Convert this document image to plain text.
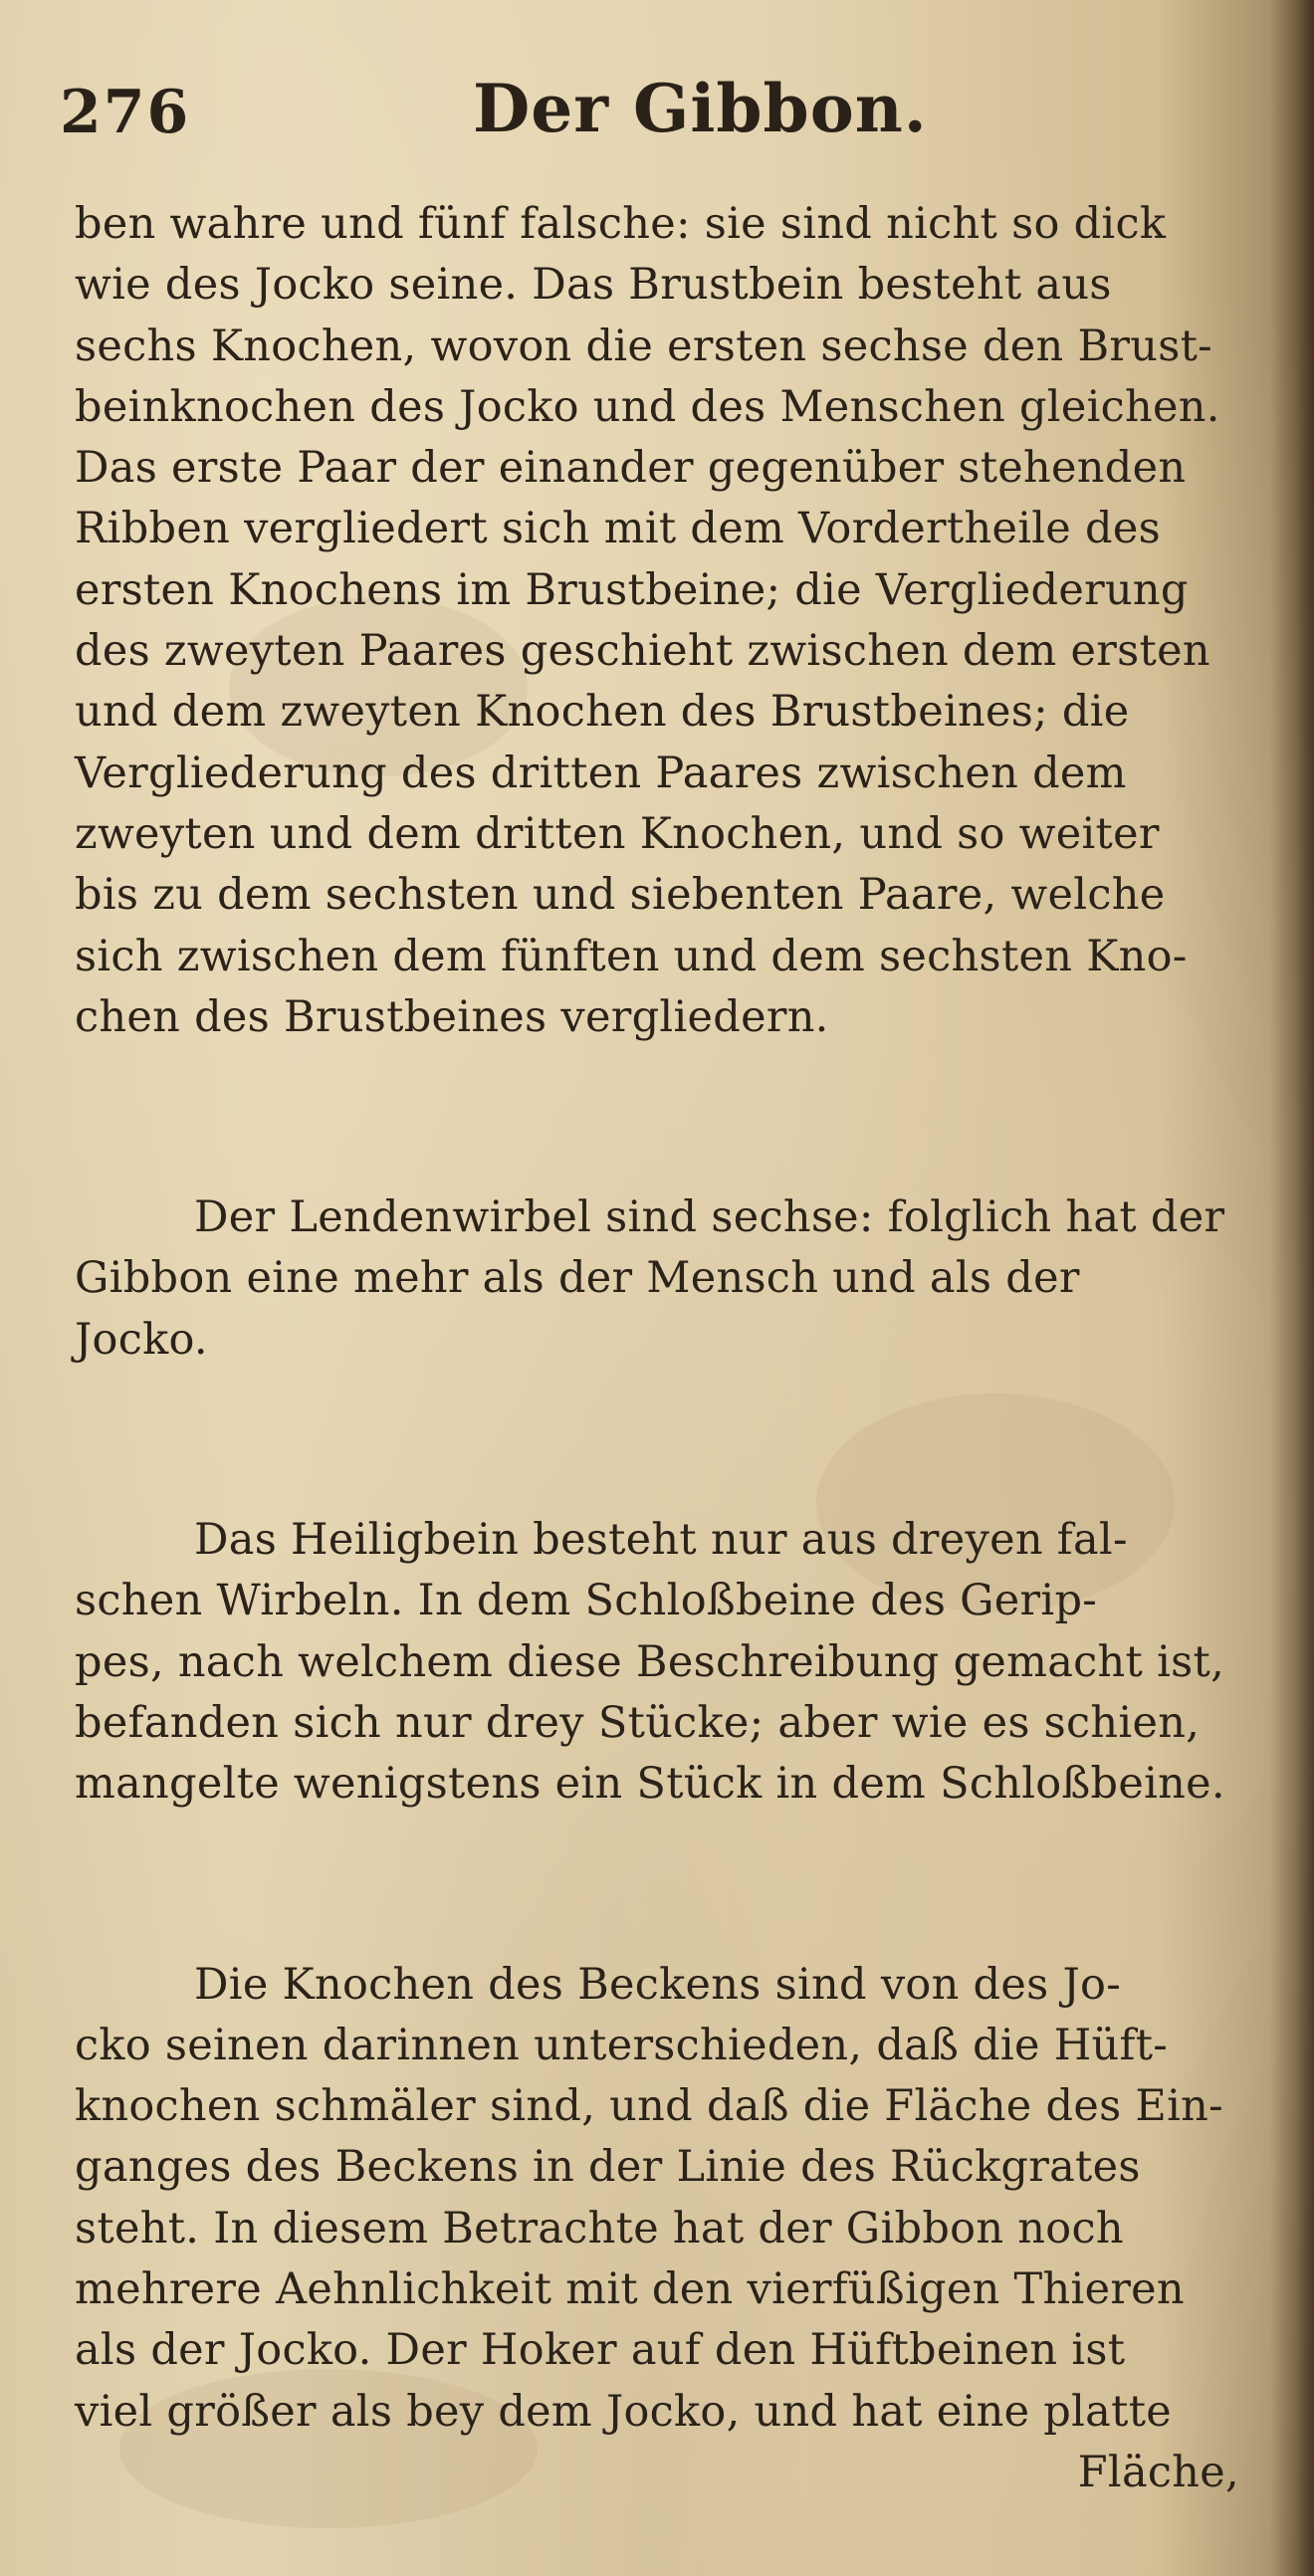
276	Der Gibbon.
ben wahre und fünf falsche: sie sind nicht so dick
wie des Jocko seine. Das Brustbein besteht aus
sechs Knochen, wovon die ersten sechse den Brust-
beinknochen des Jocko und des Menschen gleichen.
Das erste Paar der einander gegenüber stehenden
Ribben vergliedert sich mit dem Vordertheile des
ersten Knochens im Brustbeine; die Vergliederung
des zweyten Paares geschieht zwischen dem ersten
und dem zweyten Knochen des Brustbeines; die
Vergliederung des dritten Paares zwischen dem
zweyten und dem dritten Knochen, und so weiter
bis zu dem sechsten und siebenten Paare, welche
sich zwischen dem fünften und dem sechsten Kno-
chen des Brustbeines vergliedern.
Der Lendenwirbel sind sechse: folglich hat der
Gibbon eine mehr als der Mensch und als der
Jocko.
Das Heiligbein besteht nur aus dreyen fal-
schen Wirbeln. In dem Schloßbeine des Gerip-
pes, nach welchem diese Beschreibung gemacht ist,
befanden sich nur drey Stücke; aber wie es schien,
mangelte wenigstens ein Stück in dem Schloßbeine.
Die Knochen des Beckens sind von des Jo-
cko seinen darinnen unterschieden, daß die Hüft-
knochen schmäler sind, und daß die Fläche des Ein-
ganges des Beckens in der Linie des Rückgrates
steht. In diesem Betrachte hat der Gibbon noch
mehrere Aehnlichkeit mit den vierfüßigen Thieren
als der Jocko. Der Hoker auf den Hüftbeinen ist
viel größer als bey dem Jocko, und hat eine platte
Fläche,
